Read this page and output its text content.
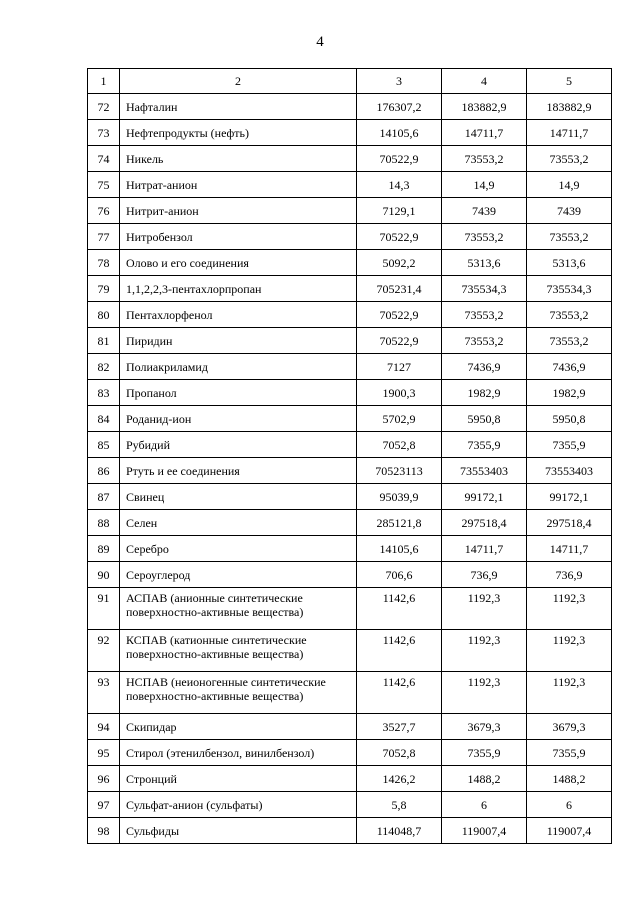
4
1	2	3	4	5
72	Нафталин	176307,2	183882,9	183882,9
73	Нефтепродукты (нефть)	14105,6	14711,7	14711,7
74	Никель	70522,9	73553,2	73553,2
75	Нитрат-анион	14,3	14,9	14,9
76	Нитрит-анион	7129,1	7439	7439
77	Нитробензол	70522,9	73553,2	73553,2
78	Олово и его соединения	5092,2	5313,6	5313,6
79	1,1,2,2,3-пентахлорпропан	705231,4	735534,3	735534,3
80	Пентахлорфенол	70522,9	73553,2	73553,2
81	Пиридин	70522,9	73553,2	73553,2
82	Полиакриламид	7127	7436,9	7436,9
83	Пропанол	1900,3	1982,9	1982,9
84	Роданид-ион	5702,9	5950,8	5950,8
85	Рубидий	7052,8	7355,9	7355,9
86	Ртуть и ее соединения	70523113	73553403	73553403
87	Свинец	95039,9	99172,1	99172,1
88	Селен	285121,8	297518,4	297518,4
89	Серебро	14105,6	14711,7	14711,7
90	Сероуглерод	706,6	736,9	736,9
91	АСПАВ (анионные синтетические поверхностно-активные вещества)	1142,6	1192,3	1192,3
92	КСПАВ (катионные синтетические поверхностно-активные вещества)	1142,6	1192,3	1192,3
93	НСПАВ (неионогенные синтетические поверхностно-активные вещества)	1142,6	1192,3	1192,3
94	Скипидар	3527,7	3679,3	3679,3
95	Стирол (этенилбензол, винилбензол)	7052,8	7355,9	7355,9
96	Стронций	1426,2	1488,2	1488,2
97	Сульфат-анион (сульфаты)	5,8	6	6
98	Сульфиды	114048,7	119007,4	119007,4
